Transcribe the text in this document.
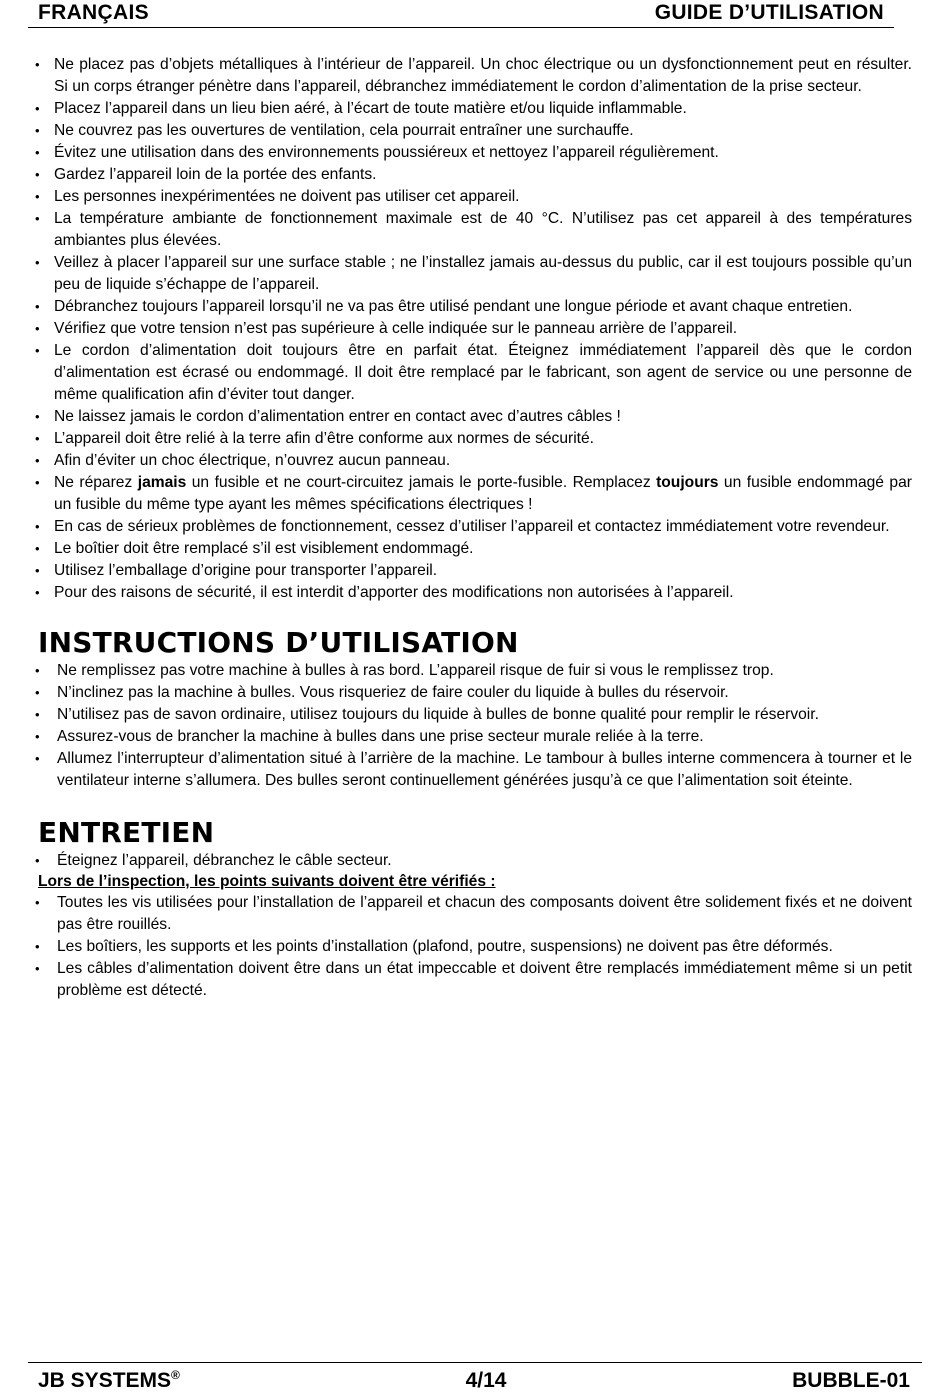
FRANÇAIS	GUIDE D’UTILISATION
• Ne placez pas d’objets métalliques à l’intérieur de l’appareil. Un choc électrique ou un dysfonctionnement peut en résulter. Si un corps étranger pénètre dans l’appareil, débranchez immédiatement le cordon d’alimentation de la prise secteur.
• Placez l’appareil dans un lieu bien aéré, à l’écart de toute matière et/ou liquide inflammable.
• Ne couvrez pas les ouvertures de ventilation, cela pourrait entraîner une surchauffe.
• Évitez une utilisation dans des environnements poussiéreux et nettoyez l’appareil régulièrement.
• Gardez l’appareil loin de la portée des enfants.
• Les personnes inexpérimentées ne doivent pas utiliser cet appareil.
• La température ambiante de fonctionnement maximale est de 40 °C. N’utilisez pas cet appareil à des températures ambiantes plus élevées.
• Veillez à placer l’appareil sur une surface stable ; ne l’installez jamais au-dessus du public, car il est toujours possible qu’un peu de liquide s’échappe de l’appareil.
• Débranchez toujours l’appareil lorsqu’il ne va pas être utilisé pendant une longue période et avant chaque entretien.
• Vérifiez que votre tension n’est pas supérieure à celle indiquée sur le panneau arrière de l’appareil.
• Le cordon d’alimentation doit toujours être en parfait état. Éteignez immédiatement l’appareil dès que le cordon d’alimentation est écrasé ou endommagé. Il doit être remplacé par le fabricant, son agent de service ou une personne de même qualification afin d’éviter tout danger.
• Ne laissez jamais le cordon d’alimentation entrer en contact avec d’autres câbles !
• L’appareil doit être relié à la terre afin d’être conforme aux normes de sécurité.
• Afin d’éviter un choc électrique, n’ouvrez aucun panneau.
• Ne réparez jamais un fusible et ne court-circuitez jamais le porte-fusible. Remplacez toujours un fusible endommagé par un fusible du même type ayant les mêmes spécifications électriques !
• En cas de sérieux problèmes de fonctionnement, cessez d’utiliser l’appareil et contactez immédiatement votre revendeur.
• Le boîtier doit être remplacé s’il est visiblement endommagé.
• Utilisez l’emballage d’origine pour transporter l’appareil.
• Pour des raisons de sécurité, il est interdit d’apporter des modifications non autorisées à l’appareil.
INSTRUCTIONS D’UTILISATION
• Ne remplissez pas votre machine à bulles à ras bord. L’appareil risque de fuir si vous le remplissez trop.
• N’inclinez pas la machine à bulles. Vous risqueriez de faire couler du liquide à bulles du réservoir.
• N’utilisez pas de savon ordinaire, utilisez toujours du liquide à bulles de bonne qualité pour remplir le réservoir.
• Assurez-vous de brancher la machine à bulles dans une prise secteur murale reliée à la terre.
• Allumez l’interrupteur d’alimentation situé à l’arrière de la machine. Le tambour à bulles interne commencera à tourner et le ventilateur interne s’allumera. Des bulles seront continuellement générées jusqu’à ce que l’alimentation soit éteinte.
ENTRETIEN
• Éteignez l’appareil, débranchez le câble secteur.

Lors de l’inspection, les points suivants doivent être vérifiés :

• Toutes les vis utilisées pour l’installation de l’appareil et chacun des composants doivent être solidement fixés et ne doivent pas être rouillés.
• Les boîtiers, les supports et les points d’installation (plafond, poutre, suspensions) ne doivent pas être déformés.
• Les câbles d’alimentation doivent être dans un état impeccable et doivent être remplacés immédiatement même si un petit problème est détecté.
JB SYSTEMS®	4/14	BUBBLE-01
